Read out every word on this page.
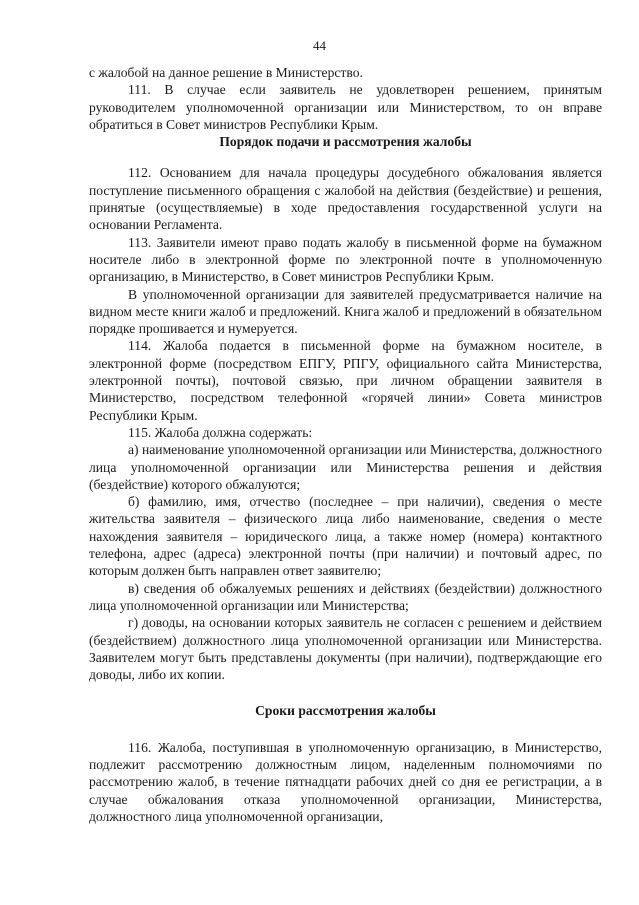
44

с жалобой на данное решение в Министерство.

111. В случае если заявитель не удовлетворен решением, принятым руководителем уполномоченной организации или Министерством, то он вправе обратиться в Совет министров Республики Крым.

Порядок подачи и рассмотрения жалобы

112. Основанием для начала процедуры досудебного обжалования является поступление письменного обращения с жалобой на действия (бездействие) и решения, принятые (осуществляемые) в ходе предоставления государственной услуги на основании Регламента.

113. Заявители имеют право подать жалобу в письменной форме на бумажном носителе либо в электронной форме по электронной почте в уполномоченную организацию, в Министерство, в Совет министров Республики Крым.

В уполномоченной организации для заявителей предусматривается наличие на видном месте книги жалоб и предложений. Книга жалоб и предложений в обязательном порядке прошивается и нумеруется.

114. Жалоба подается в письменной форме на бумажном носителе, в электронной форме (посредством ЕПГУ, РПГУ, официального сайта Министерства, электронной почты), почтовой связью, при личном обращении заявителя в Министерство, посредством телефонной «горячей линии» Совета министров Республики Крым.

115. Жалоба должна содержать:

а) наименование уполномоченной организации или Министерства, должностного лица уполномоченной организации или Министерства решения и действия (бездействие) которого обжалуются;

б) фамилию, имя, отчество (последнее – при наличии), сведения о месте жительства заявителя – физического лица либо наименование, сведения о месте нахождения заявителя – юридического лица, а также номер (номера) контактного телефона, адрес (адреса) электронной почты (при наличии) и почтовый адрес, по которым должен быть направлен ответ заявителю;

в) сведения об обжалуемых решениях и действиях (бездействии) должностного лица уполномоченной организации или Министерства;

г) доводы, на основании которых заявитель не согласен с решением и действием (бездействием) должностного лица уполномоченной организации или Министерства. Заявителем могут быть представлены документы (при наличии), подтверждающие его доводы, либо их копии.

Сроки рассмотрения жалобы

116. Жалоба, поступившая в уполномоченную организацию, в Министерство, подлежит рассмотрению должностным лицом, наделенным полномочиями по рассмотрению жалоб, в течение пятнадцати рабочих дней со дня ее регистрации, а в случае обжалования отказа уполномоченной организации, Министерства, должностного лица уполномоченной организации,
